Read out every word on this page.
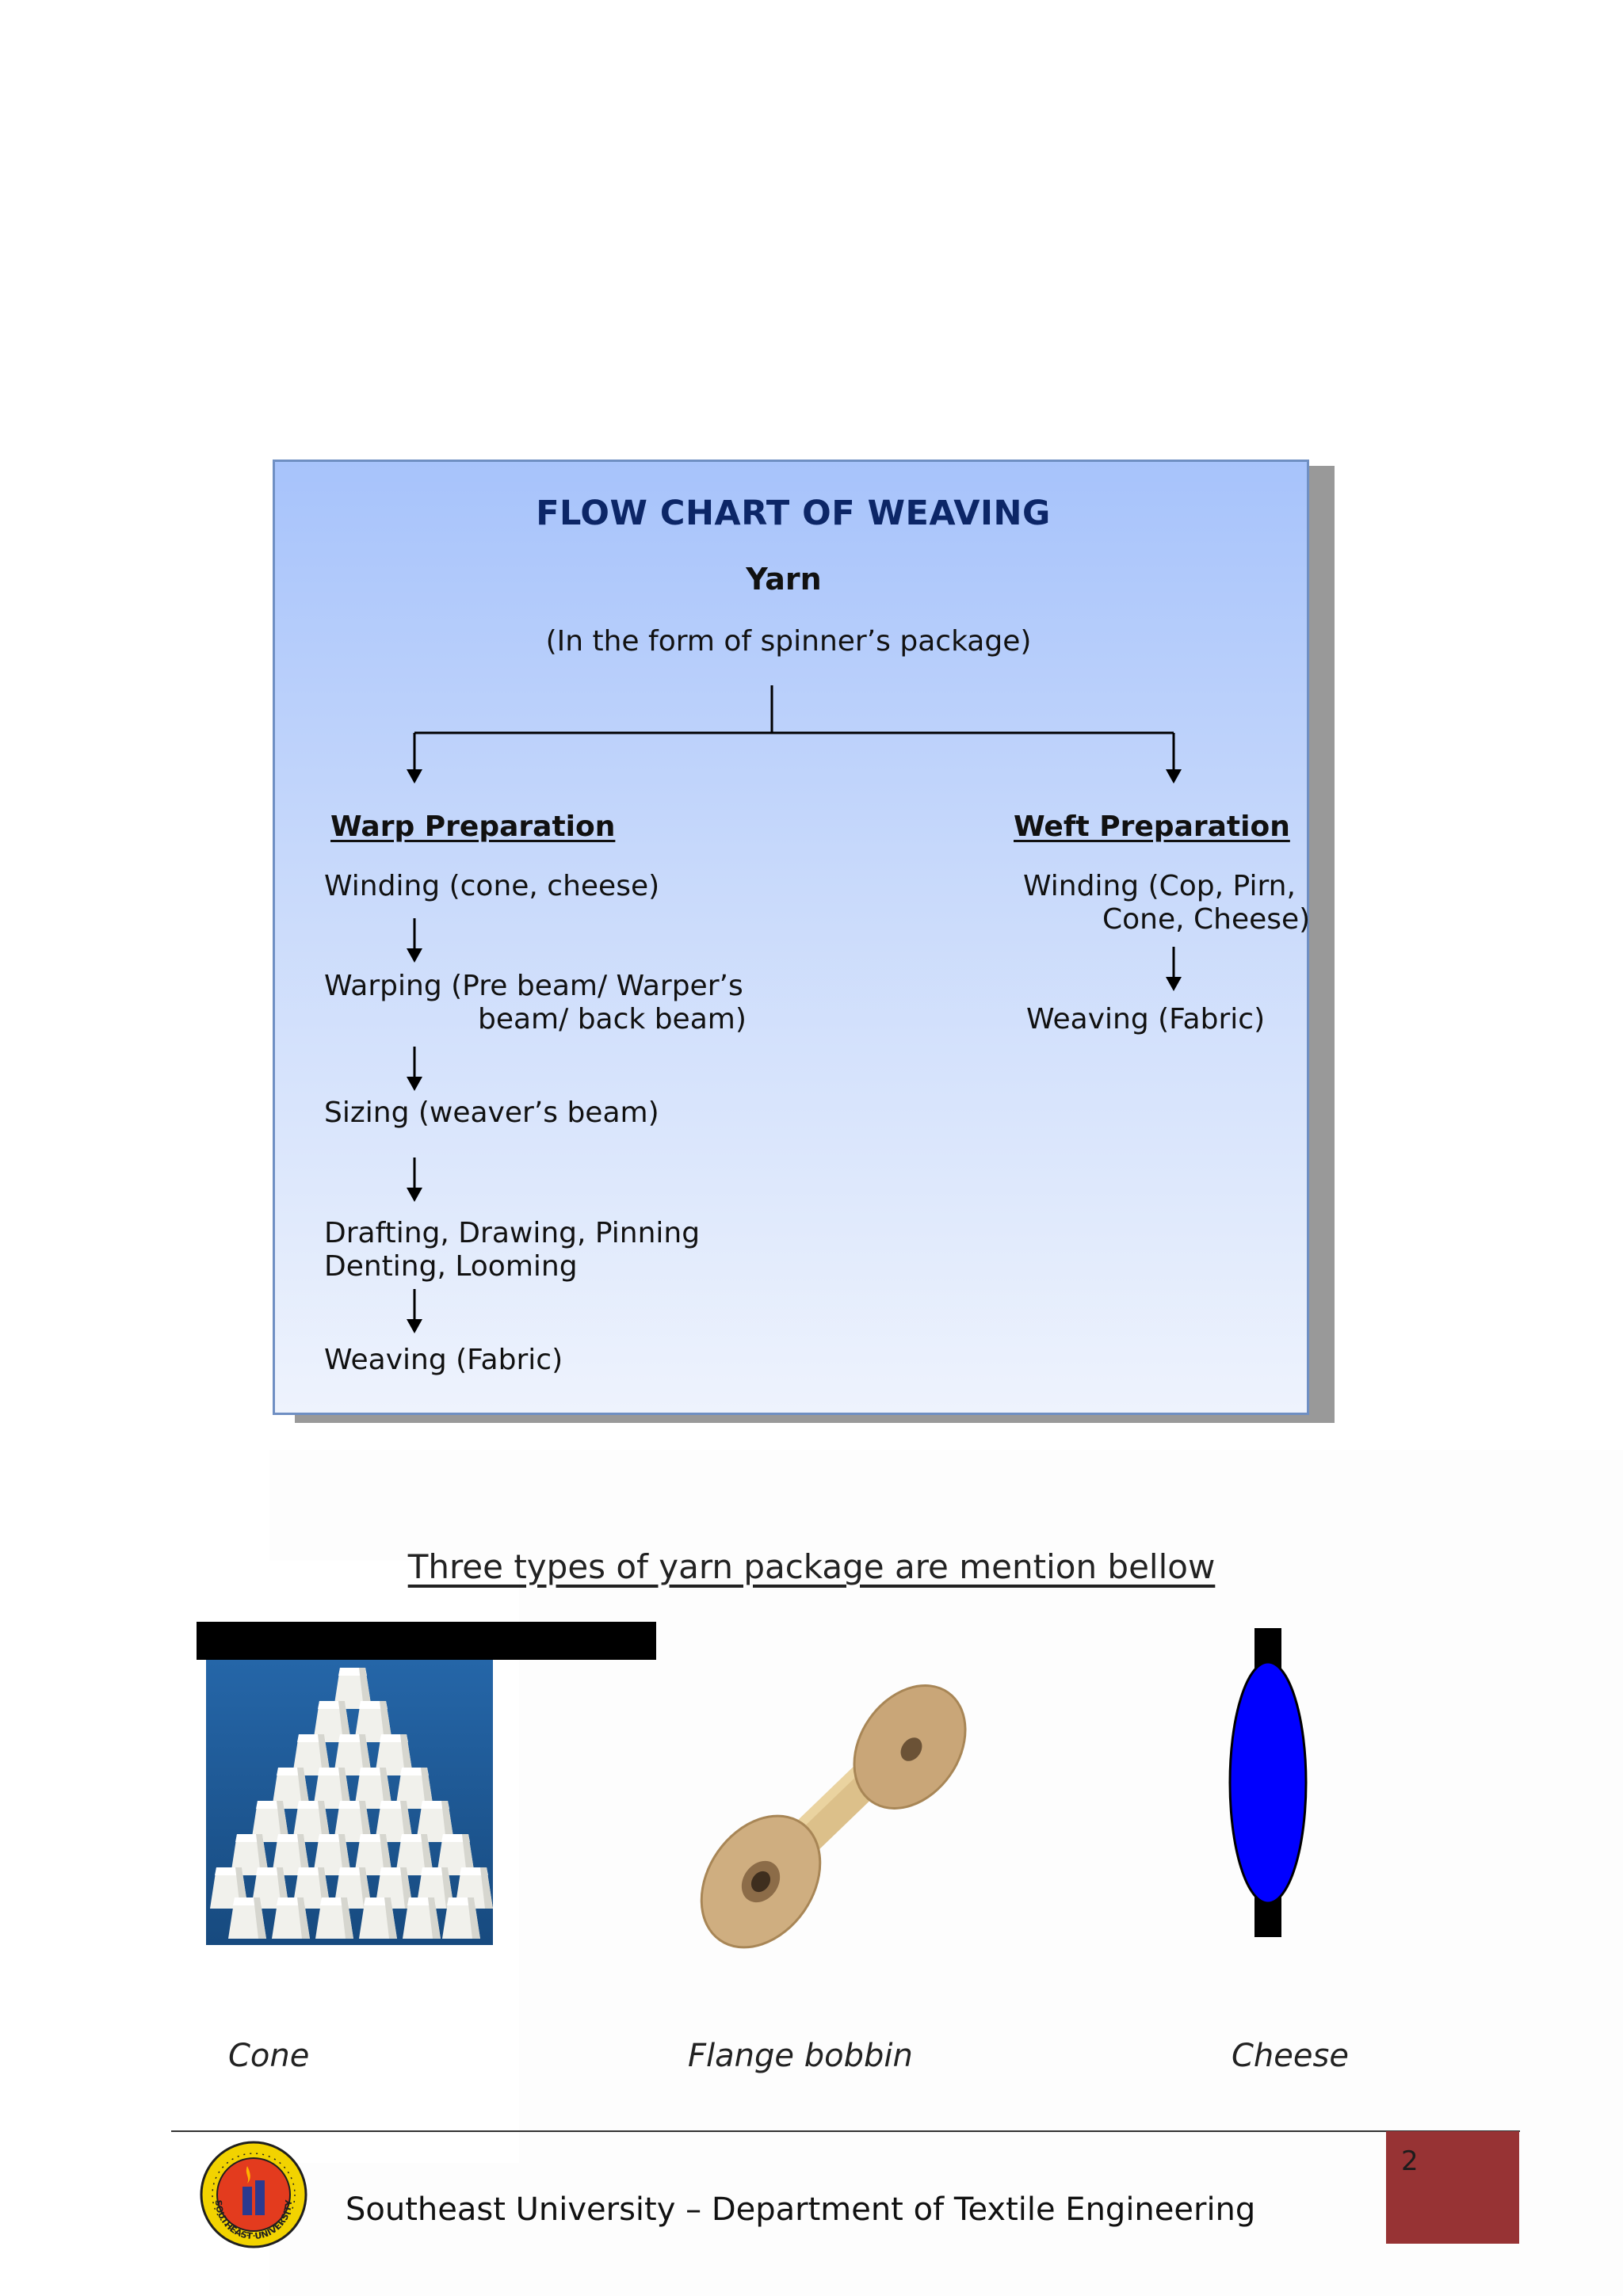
FLOW CHART OF WEAVING
Yarn
(In the form of spinner’s package)
Warp Preparation
Winding (cone, cheese)
Warping (Pre beam/ Warper’s
beam/ back beam)
Sizing (weaver’s beam)
Drafting, Drawing, Pinning
Denting, Looming
Weaving (Fabric)
Weft Preparation
Winding (Cop, Pirn,
Cone, Cheese)
Weaving (Fabric)
Three types of yarn package are mention bellow
Cone	Flange bobbin	Cheese
2
SOUTHEAST UNIVERSITY Southeast University – Department of Textile Engineering
